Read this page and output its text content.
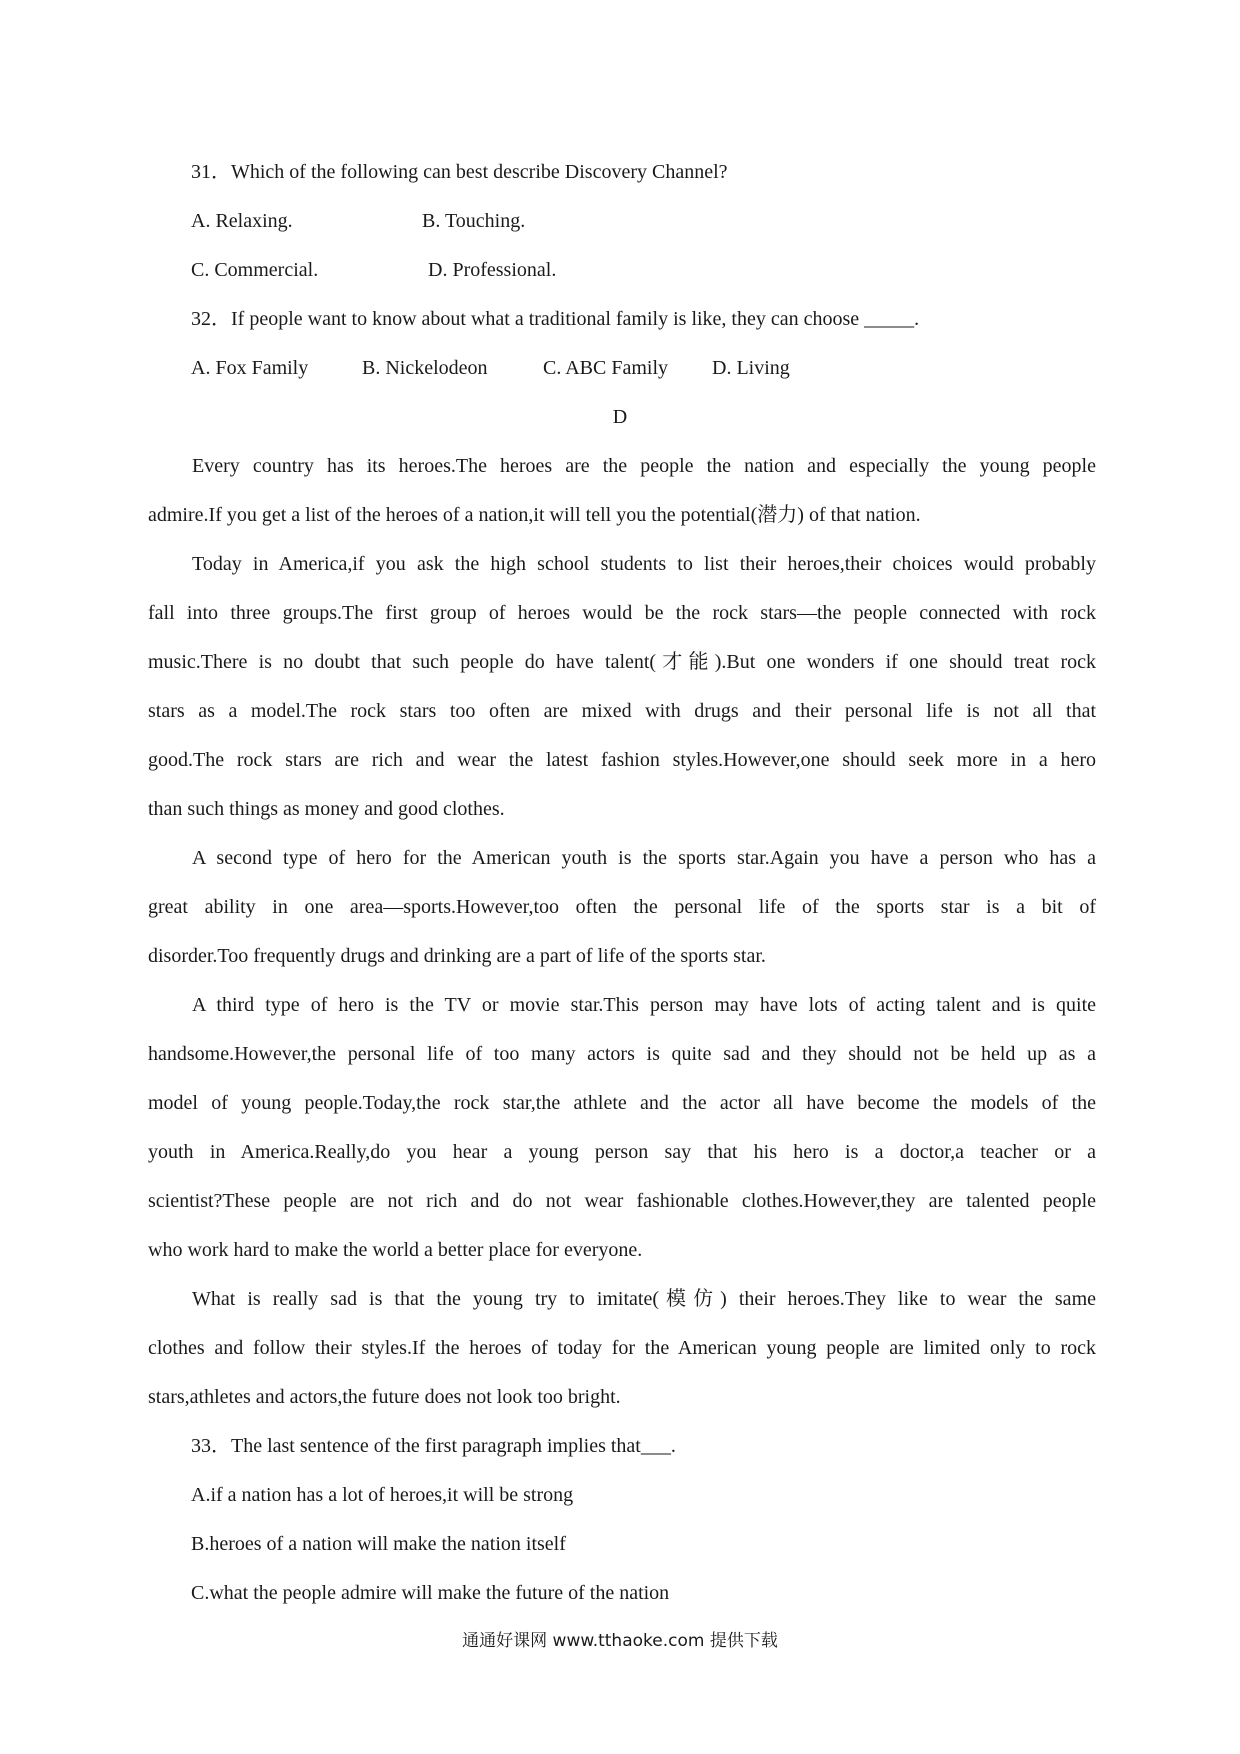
31．Which of the following can best describe Discovery Channel?
A. Relaxing.	B. Touching.
C. Commercial.	D. Professional.
32．If people want to know about what a traditional family is like, they can choose _____.
A. Fox Family	B. Nickelodeon	C. ABC Family D. Living
D
Every country has its heroes.The heroes are the people the nation and especially the young people
admire.If you get a list of the heroes of a nation,it will tell you the potential(潜力) of that nation.
Today in America,if you ask the high school students to list their heroes,their choices would probably
fall into three groups.The first group of heroes would be the rock stars—the people connected with rock
music.There is no doubt that such people do have talent(才能).But one wonders if one should treat rock
stars as a model.The rock stars too often are mixed with drugs and their personal life is not all that
good.The rock stars are rich and wear the latest fashion styles.However,one should seek more in a hero
than such things as money and good clothes.
A second type of hero for the American youth is the sports star.Again you have a person who has a
great ability in one area—sports.However,too often the personal life of the sports star is a bit of
disorder.Too frequently drugs and drinking are a part of life of the sports star.
A third type of hero is the TV or movie star.This person may have lots of acting talent and is quite
handsome.However,the personal life of too many actors is quite sad and they should not be held up as a
model of young people.Today,the rock star,the athlete and the actor all have become the models of the
youth in America.Really,do you hear a young person say that his hero is a doctor,a teacher or a
scientist?These people are not rich and do not wear fashionable clothes.However,they are talented people
who work hard to make the world a better place for everyone.
What is really sad is that the young try to imitate(模仿) their heroes.They like to wear the same
clothes and follow their styles.If the heroes of today for the American young people are limited only to rock
stars,athletes and actors,the future does not look too bright.
33．The last sentence of the first paragraph implies that___.
A.if a nation has a lot of heroes,it will be strong
B.heroes of a nation will make the nation itself
C.what the people admire will make the future of the nation
通通好课网 www.tthaoke.com 提供下载
